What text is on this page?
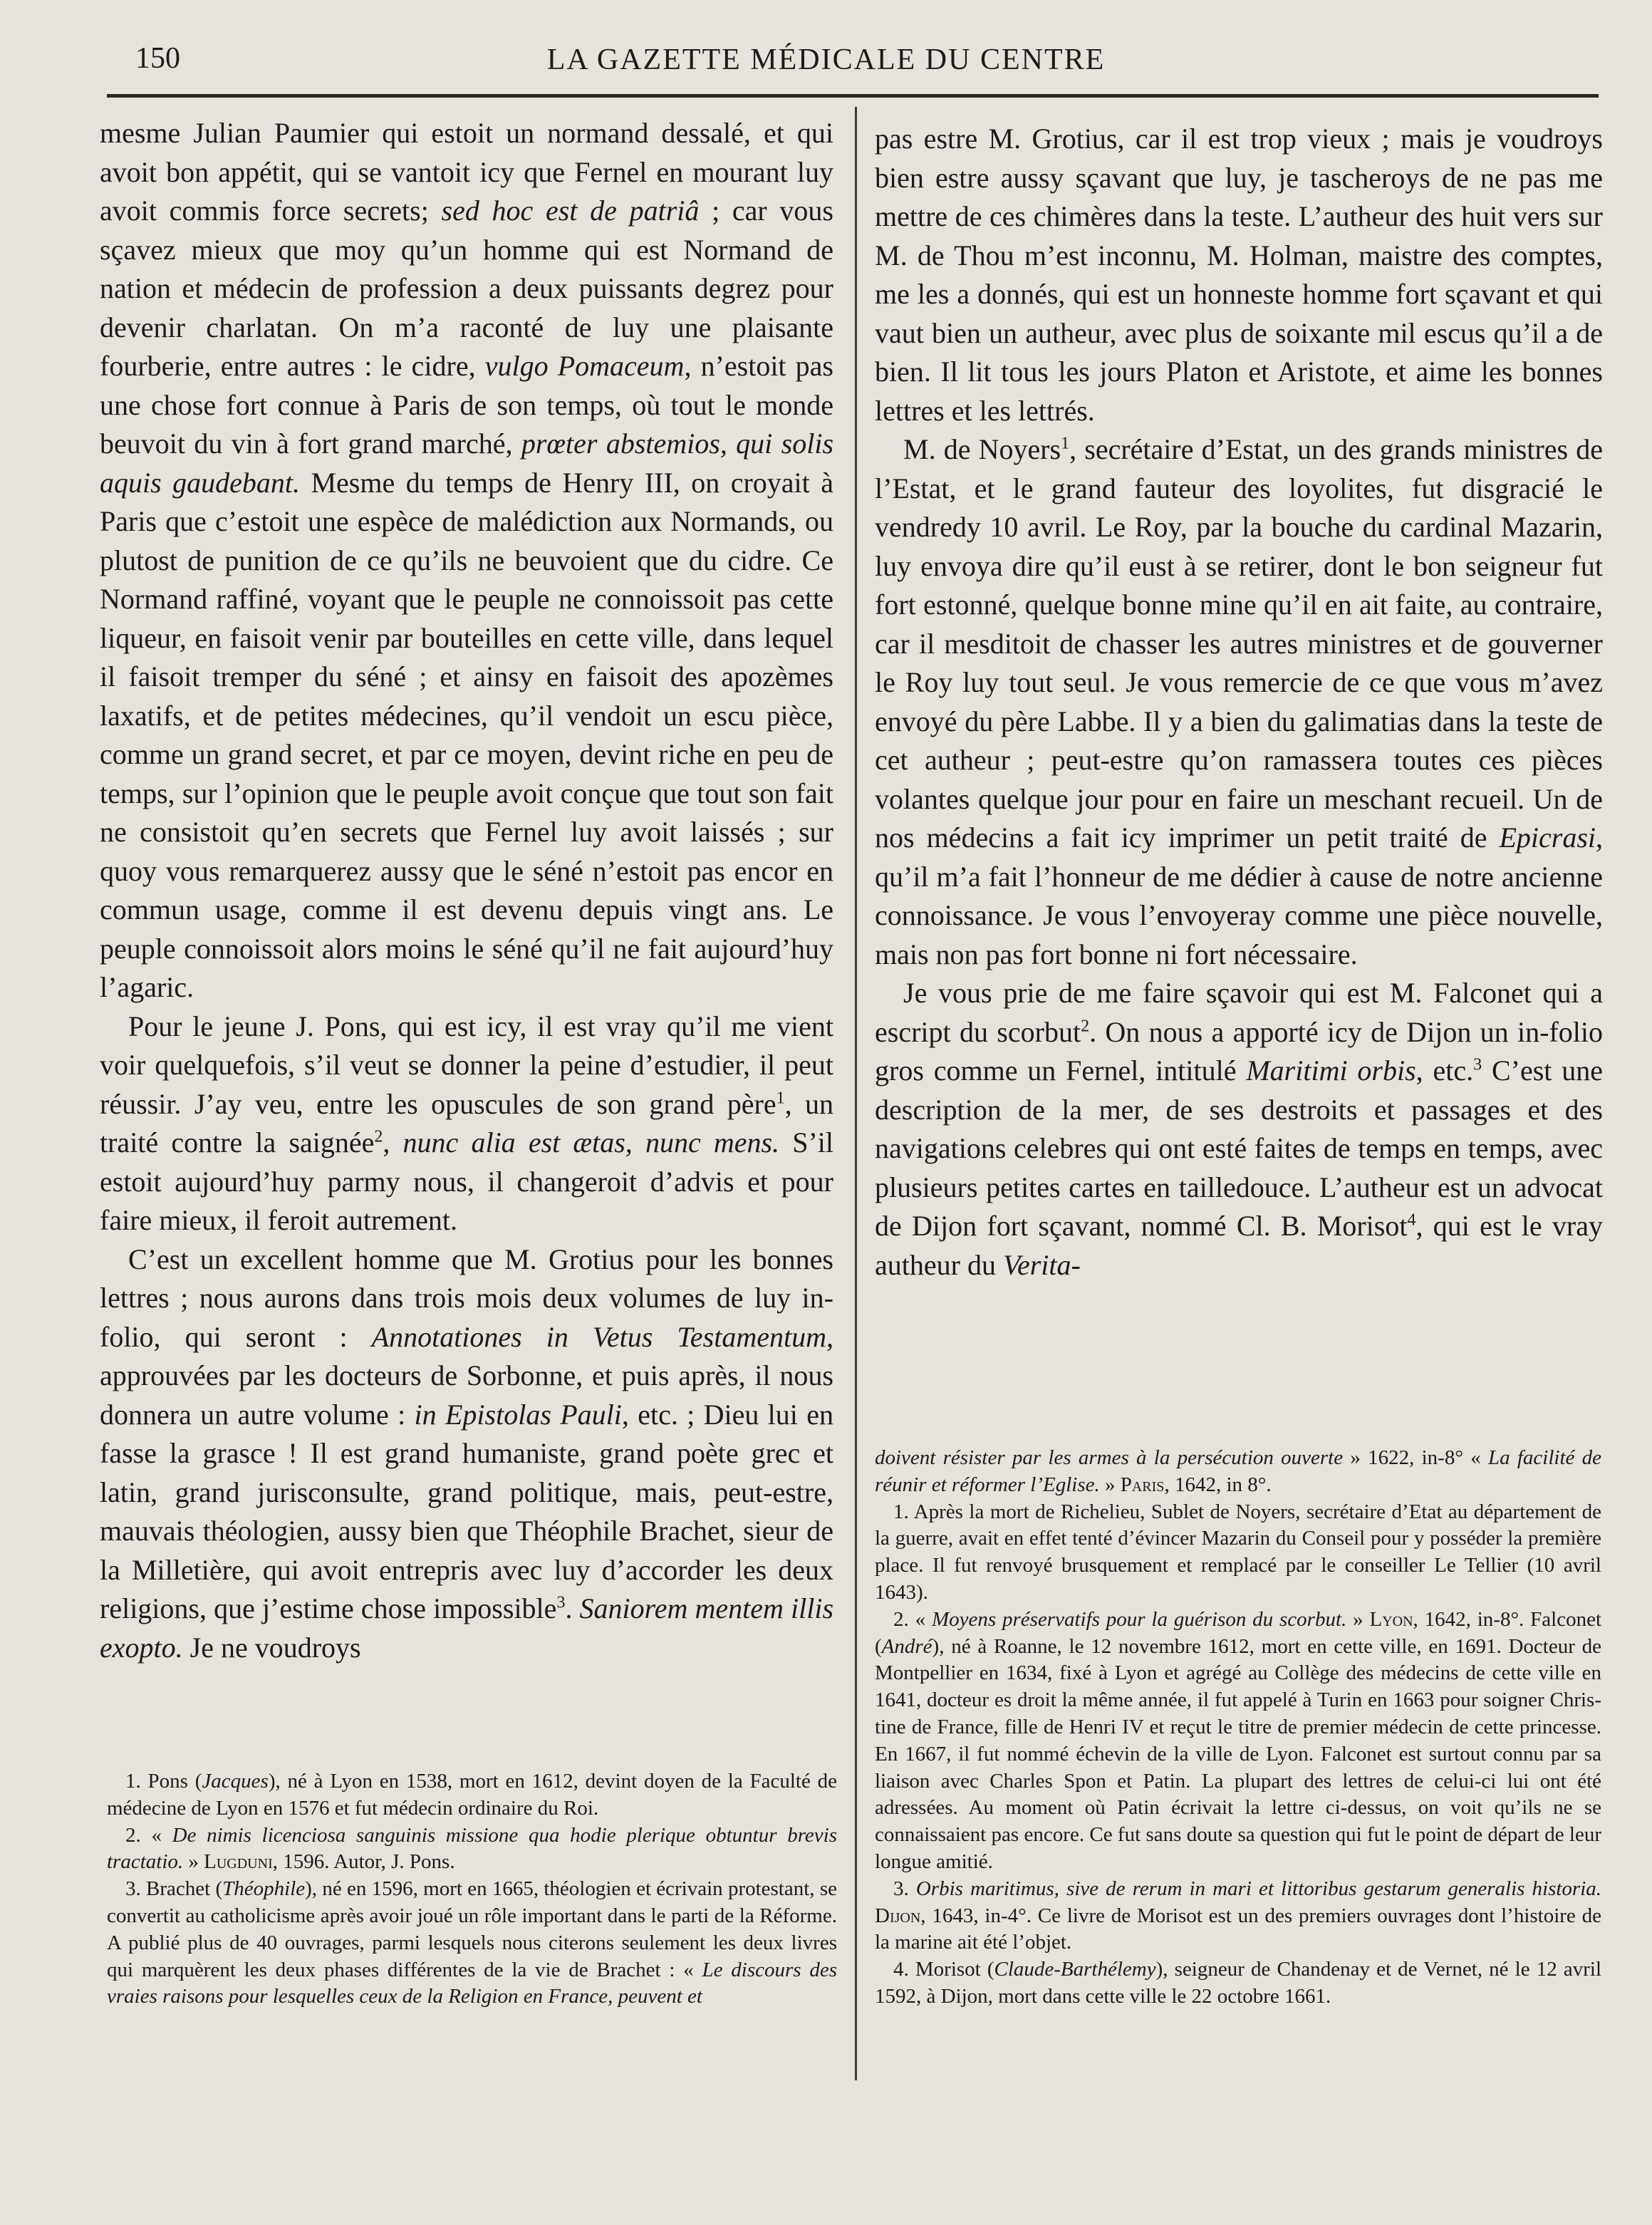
150	LA GAZETTE MÉDICALE DU CENTRE

mesme Julian Paumier qui estoit un normand dessalé, et qui avoit bon appétit, qui se vantoit icy que Fernel en mourant luy avoit commis force secrets; sed hoc est de patriâ ; car vous sçavez mieux que moy qu’un homme qui est Normand de nation et médecin de profession a deux puissants degrez pour devenir charlatan. On m’a raconté de luy une plaisante fourberie, entre autres : le cidre, vulgo Pomaceum, n’estoit pas une chose fort connue à Paris de son temps, où tout le monde beuvoit du vin à fort grand marché, prœter abstemios, qui solis aquis gaudebant. Mesme du temps de Henry III, on croyait à Paris que c’estoit une espèce de malédiction aux Normands, ou plutost de punition de ce qu’ils ne beuvoient que du cidre. Ce Normand raffiné, voyant que le peuple ne connoissoit pas cette liqueur, en faisoit venir par bouteilles en cette ville, dans lequel il faisoit tremper du séné ; et ainsy en faisoit des apozèmes laxatifs, et de petites médecines, qu’il vendoit un escu pièce, comme un grand secret, et par ce moyen, devint riche en peu de temps, sur l’opinion que le peuple avoit conçue que tout son fait ne consistoit qu’en secrets que Fernel luy avoit laissés ; sur quoy vous remarquerez aussy que le séné n’estoit pas encor en commun usage, comme il est devenu depuis vingt ans. Le peuple connoissoit alors moins le séné qu’il ne fait aujourd’huy l’agaric.

Pour le jeune J. Pons, qui est icy, il est vray qu’il me vient voir quelquefois, s’il veut se donner la peine d’estudier, il peut réussir. J’ay veu, entre les opuscules de son grand père$^1$, un traité contre la saignée$^2$, nunc alia est ætas, nunc mens. S’il estoit aujourd’huy parmy nous, il changeroit d’advis et pour faire mieux, il feroit autrement.

C’est un excellent homme que M. Grotius pour les bonnes lettres ; nous aurons dans trois mois deux volumes de luy in-folio, qui seront : Annotationes in Vetus Testamentum, approuvées par les docteurs de Sorbonne, et puis après, il nous donnera un autre volume : in Epistolas Pauli, etc. ; Dieu lui en fasse la grasce ! Il est grand humaniste, grand poète grec et latin, grand jurisconsulte, grand politique, mais, peut-estre, mauvais théologien, aussy bien que Théophile Brachet, sieur de la Milletière, qui avoit entrepris avec luy d’accorder les deux religions, que j’estime chose impossible$^3$. Saniorem mentem illis exopto. Je ne voudroys

pas estre M. Grotius, car il est trop vieux ; mais je voudroys bien estre aussy sçavant que luy, je tascheroys de ne pas me mettre de ces chimères dans la teste. L’autheur des huit vers sur M. de Thou m’est inconnu, M. Holman, maistre des comptes, me les a donnés, qui est un honneste homme fort sçavant et qui vaut bien un autheur, avec plus de soixante mil escus qu’il a de bien. Il lit tous les jours Platon et Aristote, et aime les bonnes lettres et les lettrés.

M. de Noyers$^1$, secrétaire d’Estat, un des grands ministres de l’Estat, et le grand fauteur des loyolites, fut disgracié le vendredy 10 avril. Le Roy, par la bouche du cardinal Mazarin, luy envoya dire qu’il eust à se retirer, dont le bon seigneur fut fort estonné, quelque bonne mine qu’il en ait faite, au contraire, car il mesditoit de chasser les autres ministres et de gouverner le Roy luy tout seul. Je vous remercie de ce que vous m’avez envoyé du père Labbe. Il y a bien du galimatias dans la teste de cet autheur ; peut-estre qu’on ramassera toutes ces pièces volantes quelque jour pour en faire un meschant recueil. Un de nos médecins a fait icy imprimer un petit traité de Epicrasi, qu’il m’a fait l’honneur de me dédier à cause de notre ancienne connoissance. Je vous l’envoyeray comme une pièce nouvelle, mais non pas fort bonne ni fort nécessaire.

Je vous prie de me faire sçavoir qui est M. Falconet qui a escript du scorbut$^2$. On nous a apporté icy de Dijon un in-folio gros comme un Fernel, intitulé Maritimi orbis, etc.$^3$ C’est une description de la mer, de ses destroits et passages et des navigations celebres qui ont esté faites de temps en temps, avec plusieurs petites cartes en tailledouce. L’autheur est un advocat de Dijon fort sçavant, nommé Cl. B. Morisot$^4$, qui est le vray autheur du Verita-

1. Pons (Jacques), né à Lyon en 1538, mort en 1612, devint doyen de la Faculté de médecine de Lyon en 1576 et fut médecin ordinaire du Roi.

2. « De nimis licenciosa sanguinis missione qua hodie plerique obtuntur brevis tractatio. » Lugduni, 1596. Autor, J. Pons.

3. Brachet (Théophile), né en 1596, mort en 1665, théologien et écrivain protestant, se convertit au catholicisme après avoir joué un rôle important dans le parti de la Réforme. A publié plus de 40 ouvrages, parmi lesquels nous citerons seulement les deux livres qui marquèrent les deux phases différentes de la vie de Brachet : « Le discours des vraies raisons pour lesquelles ceux de la Religion en France, peuvent et

doivent résister par les armes à la persécution ouverte » 1622, in-8° « La facilité de réunir et réformer l’Eglise. » Paris, 1642, in 8°.

1. Après la mort de Richelieu, Sublet de Noyers, secrétaire d’Etat au département de la guerre, avait en effet tenté d’évincer Mazarin du Conseil pour y posséder la première place. Il fut renvoyé brusquement et remplacé par le conseiller Le Tellier (10 avril 1643).

2. « Moyens préservatifs pour la guérison du scorbut. » Lyon, 1642, in-8°. Falconet (André), né à Roanne, le 12 novembre 1612, mort en cette ville, en 1691. Docteur de Montpellier en 1634, fixé à Lyon et agrégé au Collège des médecins de cette ville en 1641, docteur es droit la même année, il fut appelé à Turin en 1663 pour soigner Christine de France, fille de Henri IV et reçut le titre de premier médecin de cette princesse. En 1667, il fut nommé échevin de la ville de Lyon. Falconet est surtout connu par sa liaison avec Charles Spon et Patin. La plupart des lettres de celui-ci lui ont été adressées. Au moment où Patin écrivait la lettre ci-dessus, on voit qu’ils ne se connaissaient pas encore. Ce fut sans doute sa question qui fut le point de départ de leur longue amitié.

3. Orbis maritimus, sive de rerum in mari et littoribus gestarum generalis historia. Dijon, 1643, in-4°. Ce livre de Morisot est un des premiers ouvrages dont l’histoire de la marine ait été l’objet.

4. Morisot (Claude-Barthélemy), seigneur de Chandenay et de Vernet, né le 12 avril 1592, à Dijon, mort dans cette ville le 22 octobre 1661.
